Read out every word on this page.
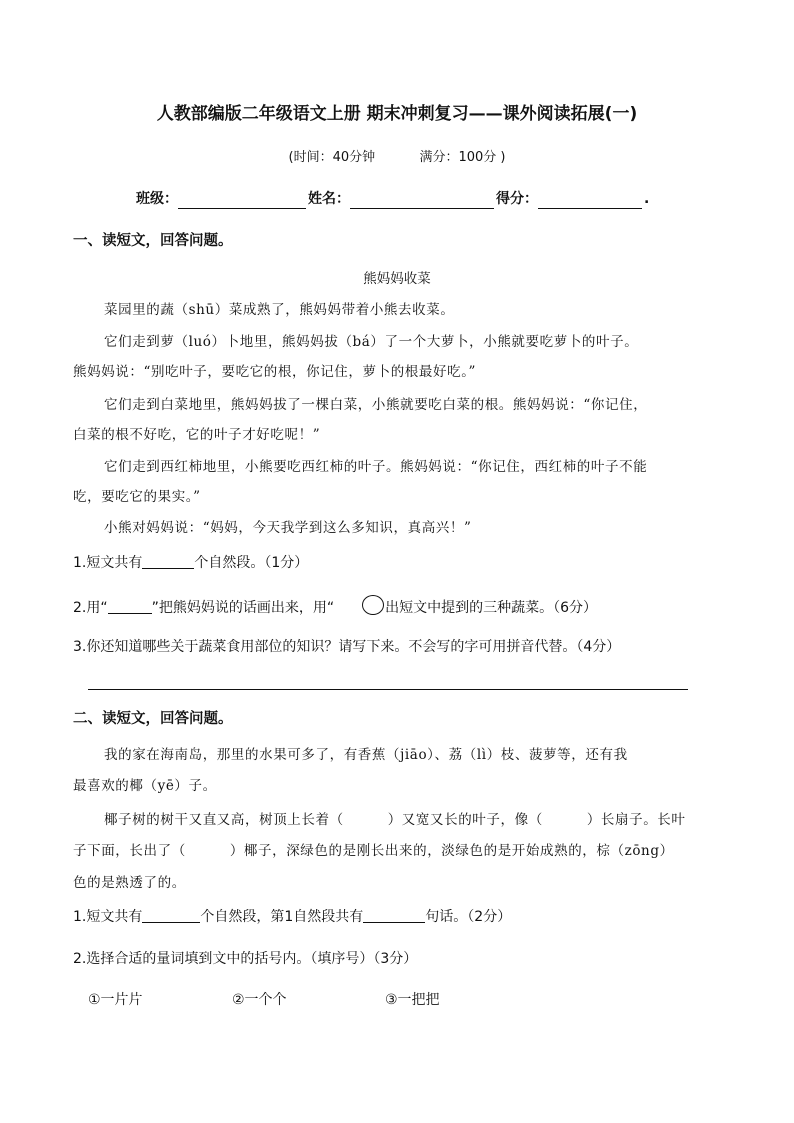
人教部编版二年级语文上册 期末冲刺复习——课外阅读拓展(一)
(时间：40分钟	满分：100分 )
班级：	姓名：	得分：	.
一、读短文，回答问题。
熊妈妈收菜
菜园里的蔬（shū）菜成熟了，熊妈妈带着小熊去收菜。
它们走到萝（luó）卜地里，熊妈妈拔（bá）了一个大萝卜，小熊就要吃萝卜的叶子。
熊妈妈说：“别吃叶子，要吃它的根，你记住，萝卜的根最好吃。”
它们走到白菜地里，熊妈妈拔了一棵白菜，小熊就要吃白菜的根。熊妈妈说：“你记住，
白菜的根不好吃，它的叶子才好吃呢！”
它们走到西红柿地里，小熊要吃西红柿的叶子。熊妈妈说：“你记住，西红柿的叶子不能
吃，要吃它的果实。”
小熊对妈妈说：“妈妈，今天我学到这么多知识，真高兴！”
1.短文共有	个自然段。（1分）
2.用“	”把熊妈妈说的话画出来，用“	出短文中提到的三种蔬菜。（6分）
3.你还知道哪些关于蔬菜食用部位的知识？请写下来。不会写的字可用拼音代替。（4分）
二、读短文，回答问题。
我的家在海南岛，那里的水果可多了，有香蕉（jiāo）、荔（lì）枝、菠萝等，还有我
最喜欢的椰（yē）子。
椰子树的树干又直又高，树顶上长着（	）又宽又长的叶子，像（	）长扇子。长叶
子下面，长出了（	）椰子，深绿色的是刚长出来的，淡绿色的是开始成熟的，棕（zōng）
色的是熟透了的。
1.短文共有	个自然段，第1自然段共有	句话。（2分）
2.选择合适的量词填到文中的括号内。（填序号）（3分）
①一片片	②一个个	③一把把
